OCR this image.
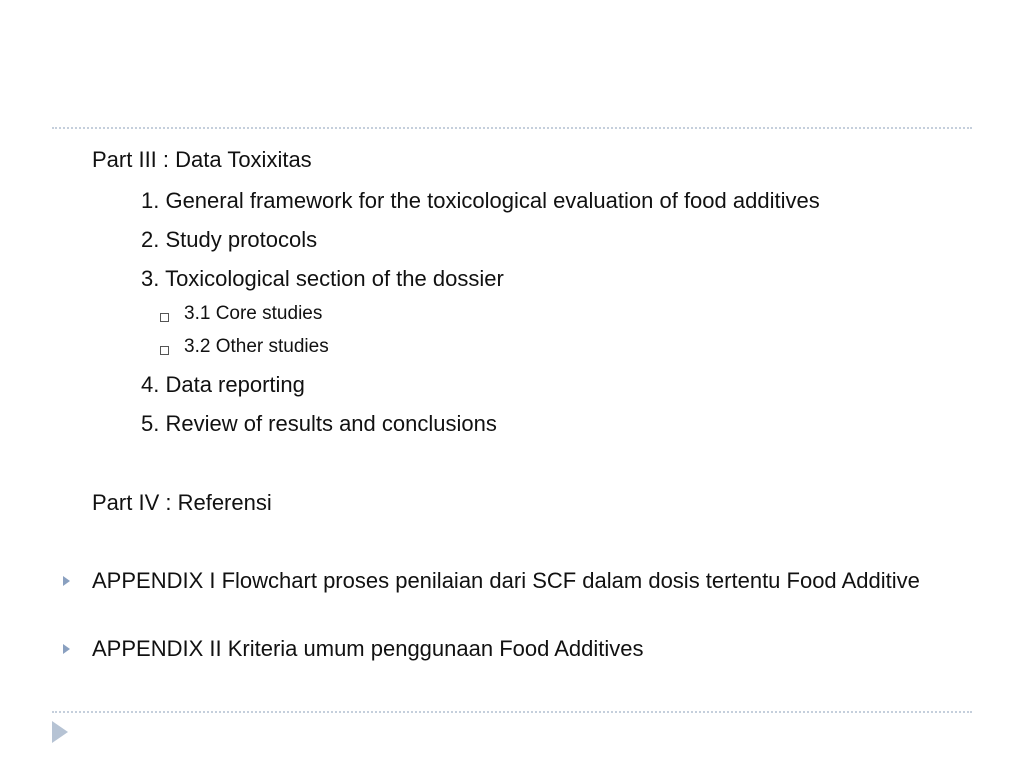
Part III : Data Toxixitas
1. General framework for the toxicological evaluation of food additives
2. Study protocols
3. Toxicological section of the dossier
3.1 Core studies
3.2 Other studies
4. Data reporting
5. Review of results and conclusions
Part IV : Referensi
APPENDIX I Flowchart proses penilaian dari SCF dalam dosis tertentu Food Additive
APPENDIX II Kriteria umum penggunaan Food Additives
